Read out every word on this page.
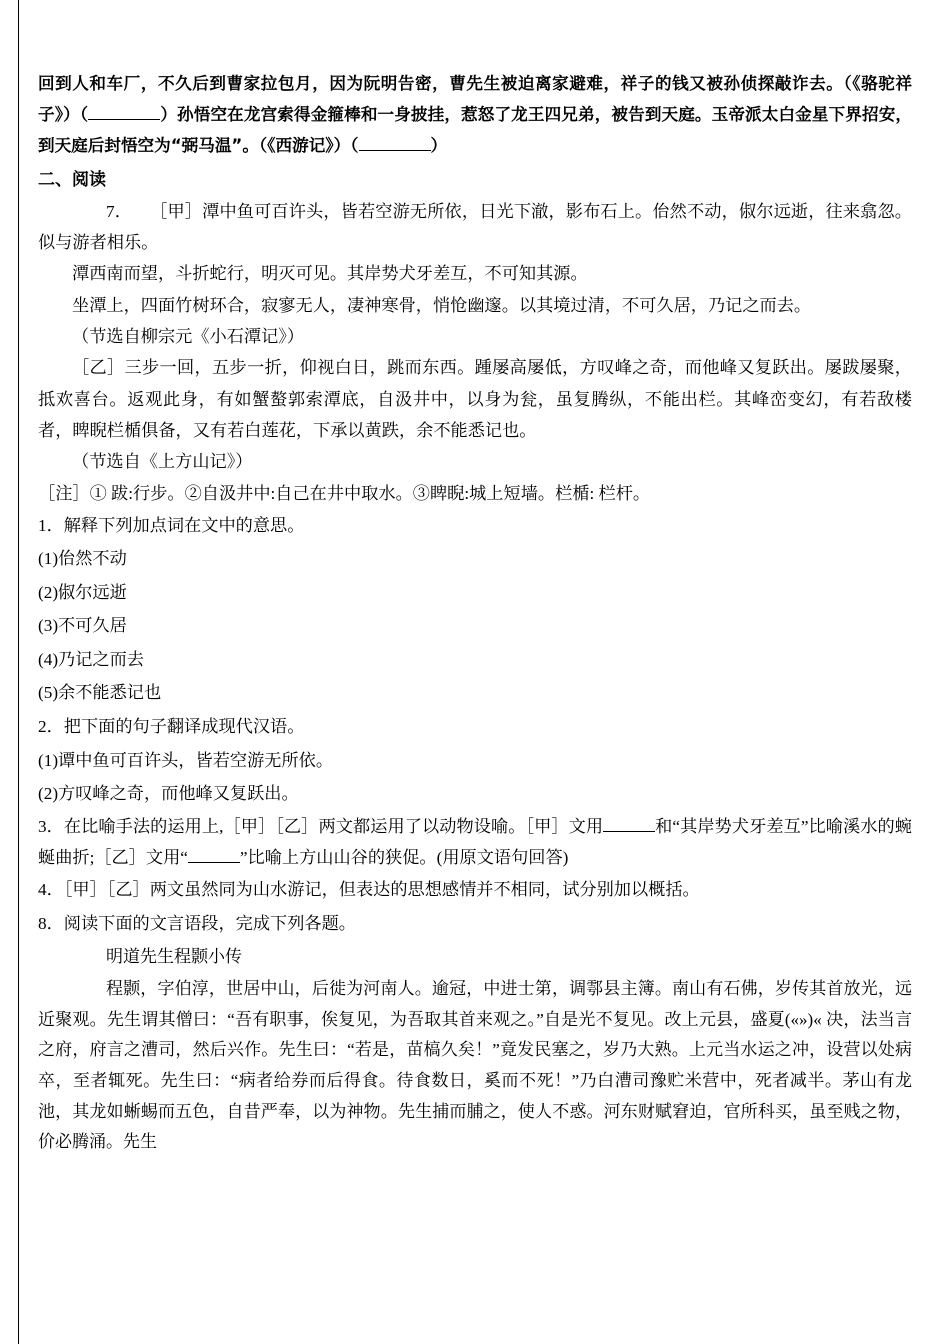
回到人和车厂，不久后到曹家拉包月，因为阮明告密，曹先生被迫离家避难，祥子的钱又被孙侦探敲诈去。（《骆驼祥子》）（	）孙悟空在龙宫索得金箍棒和一身披挂，惹怒了龙王四兄弟，被告到天庭。玉帝派太白金星下界招安，到天庭后封悟空为“弼马温”。（《西游记》）（	）

二、阅读

7． ［甲］潭中鱼可百许头，皆若空游无所依，日光下澈，影布石上。佁然不动，俶尔远逝，往来翕忽。似与游者相乐。

潭西南而望，斗折蛇行，明灭可见。其岸势犬牙差互，不可知其源。

坐潭上，四面竹树环合，寂寥无人，凄神寒骨，悄怆幽邃。以其境过清，不可久居，乃记之而去。

（节选自柳宗元《小石潭记》）

［乙］三步一回，五步一折，仰视白日，跳而东西。踵屡高屡低，方叹峰之奇，而他峰又复跃出。屡跋屡聚，抵欢喜台。返观此身，有如蟹螯郭索潭底，自汲井中，以身为瓮，虽复腾纵，不能出栏。其峰峦变幻，有若敌楼者，睥睨栏楯俱备，又有若白莲花，下承以黄跌，余不能悉记也。

（节选自《上方山记》）

［注］① 跋:行步。②自汲井中:自己在井中取水。③睥睨:城上短墙。栏楯: 栏杆。

1．解释下列加点词在文中的意思。

(1)佁然不动

(2)俶尔远逝

(3)不可久居

(4)乃记之而去

(5)余不能悉记也

2．把下面的句子翻译成现代汉语。

(1)谭中鱼可百许头，皆若空游无所依。

(2)方叹峰之奇，而他峰又复跃出。

3．在比喻手法的运用上,［甲］［乙］两文都运用了以动物设喻。［甲］文用	和“其岸势犬牙差互”比喻溪水的蜿蜒曲折;［乙］文用“	”比喻上方山山谷的狭促。(用原文语句回答)

4．［甲］［乙］两文虽然同为山水游记，但表达的思想感情并不相同，试分别加以概括。

8．阅读下面的文言语段，完成下列各题。

明道先生程颢小传

程颢，字伯淳，世居中山，后徙为河南人。逾冠，中进士第，调鄠县主簿。南山有石佛，岁传其首放光，远近聚观。先生谓其僧曰：“吾有职事，俟复见，为吾取其首来观之。”自是光不复见。改上元县，盛夏(«»)« 决，法当言之府，府言之漕司，然后兴作。先生曰：“若是，苗槁久矣！”竟发民塞之，岁乃大熟。上元当水运之冲，设营以处病卒，至者辄死。先生曰：“病者给券而后得食。待食数日，奚而不死！”乃白漕司豫贮米营中，死者减半。茅山有龙池，其龙如蜥蜴而五色，自昔严奉，以为神物。先生捕而脯之，使人不惑。河东财赋窘迫，官所科买，虽至贱之物，价必腾涌。先生
